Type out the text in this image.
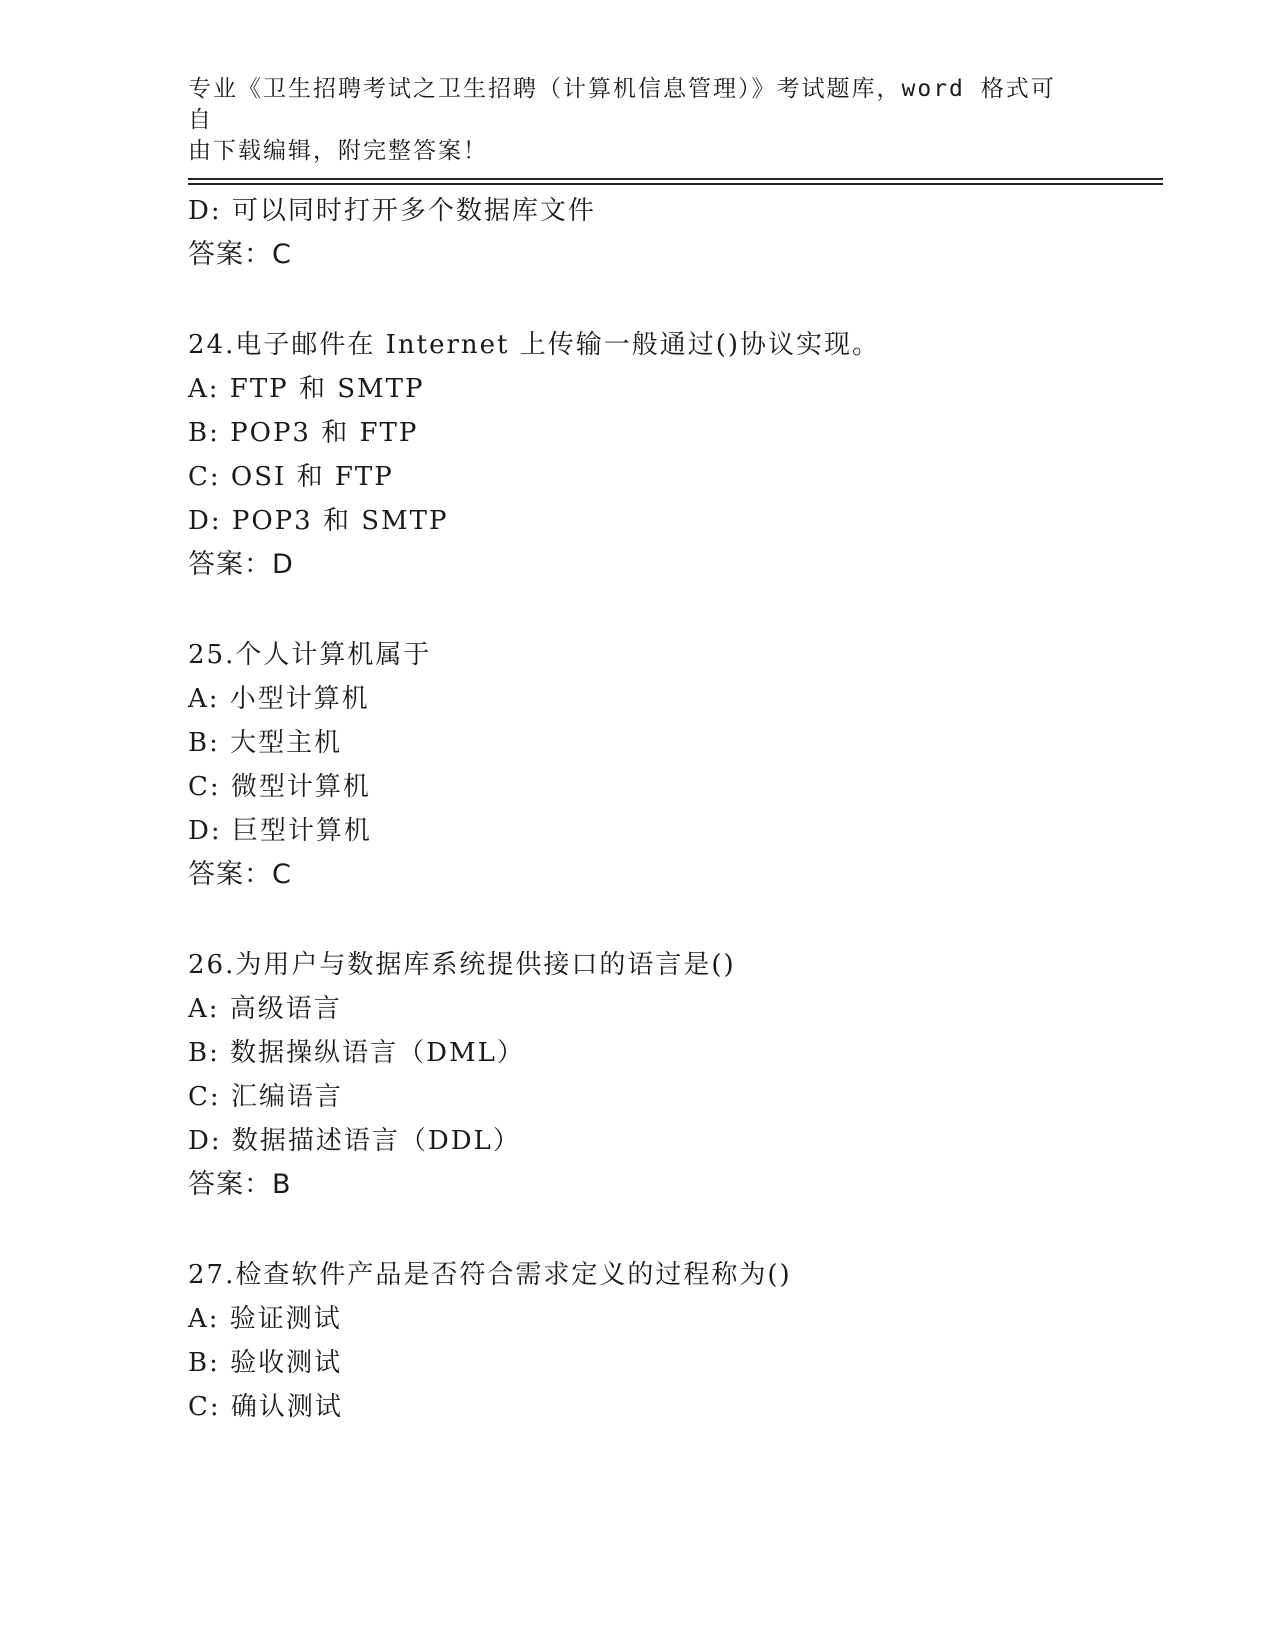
专业《卫生招聘考试之卫生招聘（计算机信息管理）》考试题库，word 格式可自
由下载编辑，附完整答案！
D: 可以同时打开多个数据库文件
答案：C
24.电子邮件在 Internet 上传输一般通过()协议实现。
A: FTP 和 SMTP
B: POP3 和 FTP
C: OSI 和 FTP
D: POP3 和 SMTP
答案：D
25.个人计算机属于
A: 小型计算机
B: 大型主机
C: 微型计算机
D: 巨型计算机
答案：C
26.为用户与数据库系统提供接口的语言是()
A: 高级语言
B: 数据操纵语言（DML）
C: 汇编语言
D: 数据描述语言（DDL）
答案：B
27.检查软件产品是否符合需求定义的过程称为()
A: 验证测试
B: 验收测试
C: 确认测试
